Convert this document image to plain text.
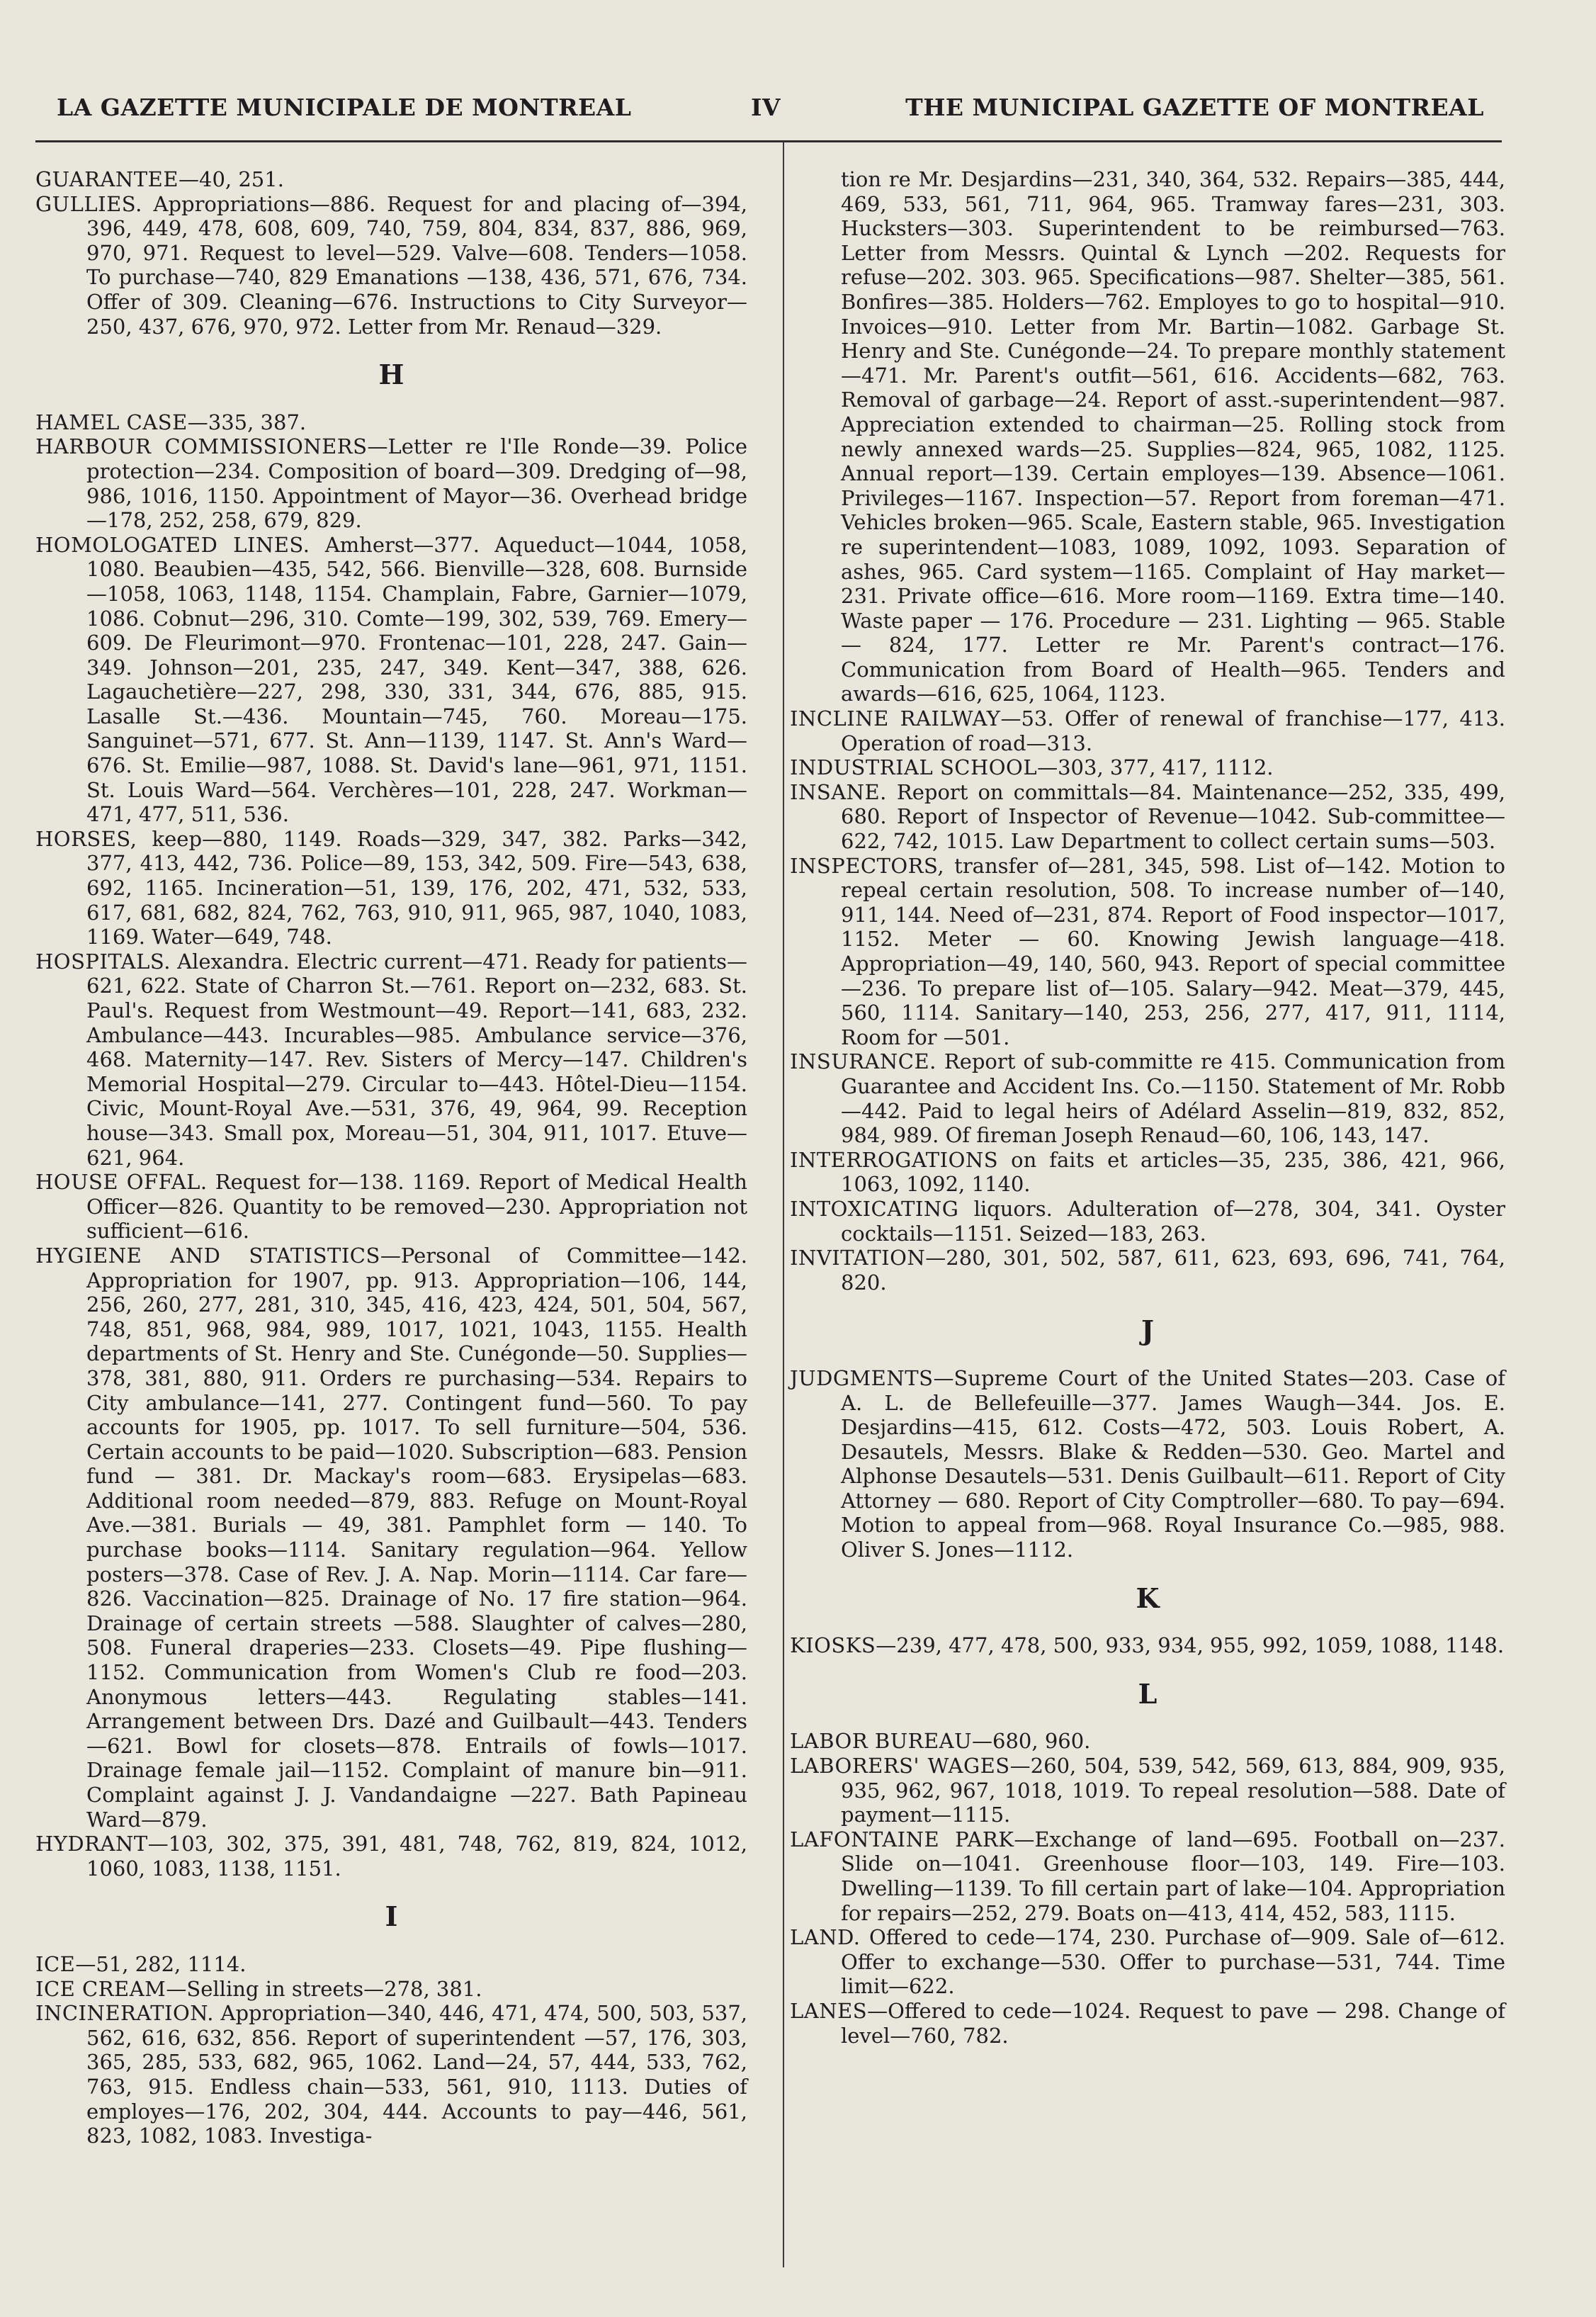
LA GAZETTE MUNICIPALE DE MONTREAL	IV	THE MUNICIPAL GAZETTE OF MONTREAL

GUARANTEE—40, 251.

GULLIES. Appropriations—886. Request for and placing of—394, 396, 449, 478, 608, 609, 740, 759, 804, 834, 837, 886, 969, 970, 971. Request to level—529. Valve—608. Tenders—1058. To purchase—740, 829 Emanations —138, 436, 571, 676, 734. Offer of 309. Cleaning—676. Instructions to City Surveyor—250, 437, 676, 970, 972. Letter from Mr. Renaud—329.

H

HAMEL CASE—335, 387.

HARBOUR COMMISSIONERS—Letter re l'Ile Ronde—39. Police protection—234. Composition of board—309. Dredging of—98, 986, 1016, 1150. Appointment of Mayor—36. Overhead bridge—178, 252, 258, 679, 829.

HOMOLOGATED LINES. Amherst—377. Aqueduct—1044, 1058, 1080. Beaubien—435, 542, 566. Bienville—328, 608. Burnside—1058, 1063, 1148, 1154. Champlain, Fabre, Garnier—1079, 1086. Cobnut—296, 310. Comte—199, 302, 539, 769. Emery—609. De Fleurimont—970. Frontenac—101, 228, 247. Gain—349. Johnson—201, 235, 247, 349. Kent—347, 388, 626. Lagauchetière—227, 298, 330, 331, 344, 676, 885, 915. Lasalle St.—436. Mountain—745, 760. Moreau—175. Sanguinet—571, 677. St. Ann—1139, 1147. St. Ann's Ward—676. St. Emilie—987, 1088. St. David's lane—961, 971, 1151. St. Louis Ward—564. Verchères—101, 228, 247. Workman—471, 477, 511, 536.

HORSES, keep—880, 1149. Roads—329, 347, 382. Parks—342, 377, 413, 442, 736. Police—89, 153, 342, 509. Fire—543, 638, 692, 1165. Incineration—51, 139, 176, 202, 471, 532, 533, 617, 681, 682, 824, 762, 763, 910, 911, 965, 987, 1040, 1083, 1169. Water—649, 748.

HOSPITALS. Alexandra. Electric current—471. Ready for patients—621, 622. State of Charron St.—761. Report on—232, 683. St. Paul's. Request from Westmount—49. Report—141, 683, 232. Ambulance—443. Incurables—985. Ambulance service—376, 468. Maternity—147. Rev. Sisters of Mercy—147. Children's Memorial Hospital—279. Circular to—443. Hôtel-Dieu—1154. Civic, Mount-Royal Ave.—531, 376, 49, 964, 99. Reception house—343. Small pox, Moreau—51, 304, 911, 1017. Etuve—621, 964.

HOUSE OFFAL. Request for—138. 1169. Report of Medical Health Officer—826. Quantity to be removed—230. Appropriation not sufficient—616.

HYGIENE AND STATISTICS—Personal of Committee—142. Appropriation for 1907, pp. 913. Appropriation—106, 144, 256, 260, 277, 281, 310, 345, 416, 423, 424, 501, 504, 567, 748, 851, 968, 984, 989, 1017, 1021, 1043, 1155. Health departments of St. Henry and Ste. Cunégonde—50. Supplies—378, 381, 880, 911. Orders re purchasing—534. Repairs to City ambulance—141, 277. Contingent fund—560. To pay accounts for 1905, pp. 1017. To sell furniture—504, 536. Certain accounts to be paid—1020. Subscription—683. Pension fund — 381. Dr. Mackay's room—683. Erysipelas—683. Additional room needed—879, 883. Refuge on Mount-Royal Ave.—381. Burials — 49, 381. Pamphlet form — 140. To purchase books—1114. Sanitary regulation—964. Yellow posters—378. Case of Rev. J. A. Nap. Morin—1114. Car fare—826. Vaccination—825. Drainage of No. 17 fire station—964. Drainage of certain streets —588. Slaughter of calves—280, 508. Funeral draperies—233. Closets—49. Pipe flushing—1152. Communication from Women's Club re food—203. Anonymous letters—443. Regulating stables—141. Arrangement between Drs. Dazé and Guilbault—443. Tenders—621. Bowl for closets—878. Entrails of fowls—1017. Drainage female jail—1152. Complaint of manure bin—911. Complaint against J. J. Vandandaigne —227. Bath Papineau Ward—879.

HYDRANT—103, 302, 375, 391, 481, 748, 762, 819, 824, 1012, 1060, 1083, 1138, 1151.

I

ICE—51, 282, 1114.

ICE CREAM—Selling in streets—278, 381.

INCINERATION. Appropriation—340, 446, 471, 474, 500, 503, 537, 562, 616, 632, 856. Report of superintendent —57, 176, 303, 365, 285, 533, 682, 965, 1062. Land—24, 57, 444, 533, 762, 763, 915. Endless chain—533, 561, 910, 1113. Duties of employes—176, 202, 304, 444. Accounts to pay—446, 561, 823, 1082, 1083. Investiga-

tion re Mr. Desjardins—231, 340, 364, 532. Repairs—385, 444, 469, 533, 561, 711, 964, 965. Tramway fares—231, 303. Hucksters—303. Superintendent to be reimbursed—763. Letter from Messrs. Quintal & Lynch —202. Requests for refuse—202. 303. 965. Specifications—987. Shelter—385, 561. Bonfires—385. Holders—762. Employes to go to hospital—910. Invoices—910. Letter from Mr. Bartin—1082. Garbage St. Henry and Ste. Cunégonde—24. To prepare monthly statement—471. Mr. Parent's outfit—561, 616. Accidents—682, 763. Removal of garbage—24. Report of asst.-superintendent—987. Appreciation extended to chairman—25. Rolling stock from newly annexed wards—25. Supplies—824, 965, 1082, 1125. Annual report—139. Certain employes—139. Absence—1061. Privileges—1167. Inspection—57. Report from foreman—471. Vehicles broken—965. Scale, Eastern stable, 965. Investigation re superintendent—1083, 1089, 1092, 1093. Separation of ashes, 965. Card system—1165. Complaint of Hay market—231. Private office—616. More room—1169. Extra time—140. Waste paper — 176. Procedure — 231. Lighting — 965. Stable — 824, 177. Letter re Mr. Parent's contract—176. Communication from Board of Health—965. Tenders and awards—616, 625, 1064, 1123.

INCLINE RAILWAY—53. Offer of renewal of franchise—177, 413. Operation of road—313.

INDUSTRIAL SCHOOL—303, 377, 417, 1112.

INSANE. Report on committals—84. Maintenance—252, 335, 499, 680. Report of Inspector of Revenue—1042. Sub-committee—622, 742, 1015. Law Department to collect certain sums—503.

INSPECTORS, transfer of—281, 345, 598. List of—142. Motion to repeal certain resolution, 508. To increase number of—140, 911, 144. Need of—231, 874. Report of Food inspector—1017, 1152. Meter — 60. Knowing Jewish language—418. Appropriation—49, 140, 560, 943. Report of special committee—236. To prepare list of—105. Salary—942. Meat—379, 445, 560, 1114. Sanitary—140, 253, 256, 277, 417, 911, 1114, Room for —501.

INSURANCE. Report of sub-committe re 415. Communication from Guarantee and Accident Ins. Co.—1150. Statement of Mr. Robb—442. Paid to legal heirs of Adélard Asselin—819, 832, 852, 984, 989. Of fireman Joseph Renaud—60, 106, 143, 147.

INTERROGATIONS on faits et articles—35, 235, 386, 421, 966, 1063, 1092, 1140.

INTOXICATING liquors. Adulteration of—278, 304, 341. Oyster cocktails—1151. Seized—183, 263.

INVITATION—280, 301, 502, 587, 611, 623, 693, 696, 741, 764, 820.

J

JUDGMENTS—Supreme Court of the United States—203. Case of A. L. de Bellefeuille—377. James Waugh—344. Jos. E. Desjardins—415, 612. Costs—472, 503. Louis Robert, A. Desautels, Messrs. Blake & Redden—530. Geo. Martel and Alphonse Desautels—531. Denis Guilbault—611. Report of City Attorney — 680. Report of City Comptroller—680. To pay—694. Motion to appeal from—968. Royal Insurance Co.—985, 988. Oliver S. Jones—1112.

K

KIOSKS—239, 477, 478, 500, 933, 934, 955, 992, 1059, 1088, 1148.

L

LABOR BUREAU—680, 960.

LABORERS' WAGES—260, 504, 539, 542, 569, 613, 884, 909, 935, 935, 962, 967, 1018, 1019. To repeal resolution—588. Date of payment—1115.

LAFONTAINE PARK—Exchange of land—695. Football on—237. Slide on—1041. Greenhouse floor—103, 149. Fire—103. Dwelling—1139. To fill certain part of lake—104. Appropriation for repairs—252, 279. Boats on—413, 414, 452, 583, 1115.

LAND. Offered to cede—174, 230. Purchase of—909. Sale of—612. Offer to exchange—530. Offer to purchase—531, 744. Time limit—622.

LANES—Offered to cede—1024. Request to pave — 298. Change of level—760, 782.
